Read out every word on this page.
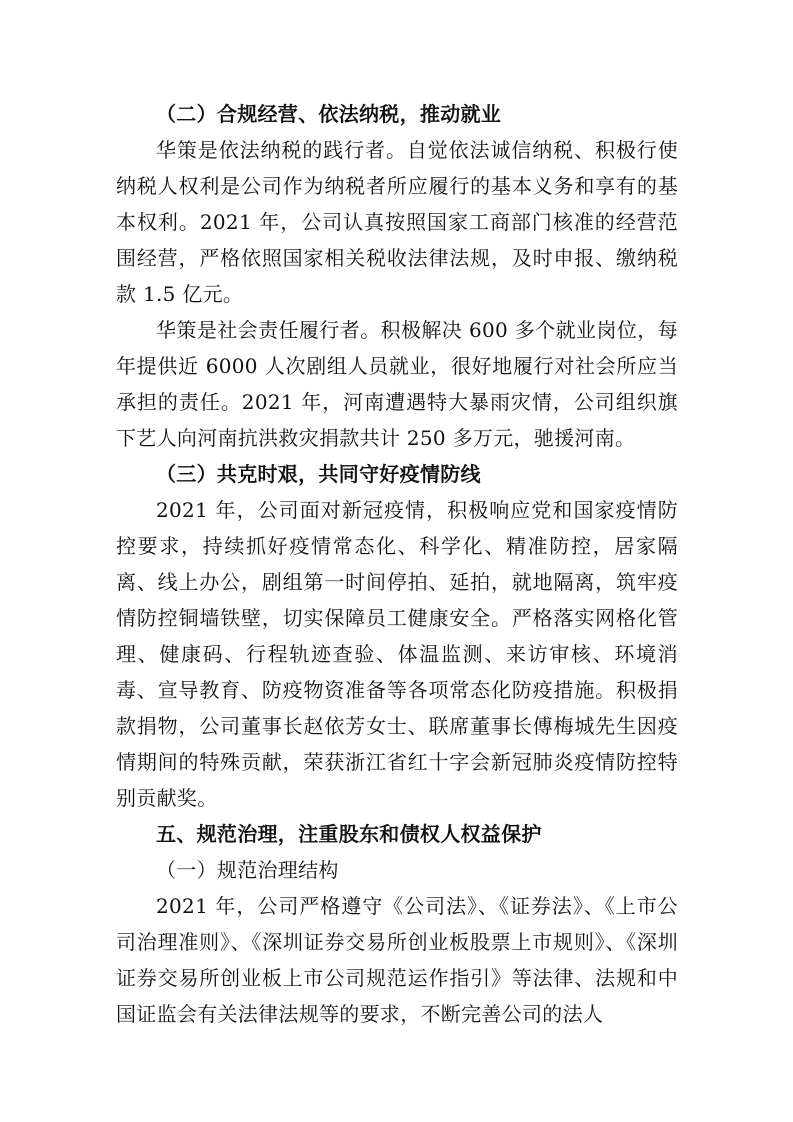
（二）合规经营、依法纳税，推动就业

华策是依法纳税的践行者。自觉依法诚信纳税、积极行使纳税人权利是公司作为纳税者所应履行的基本义务和享有的基本权利。2021 年，公司认真按照国家工商部门核准的经营范围经营，严格依照国家相关税收法律法规，及时申报、缴纳税款 1.5 亿元。

华策是社会责任履行者。积极解决 600 多个就业岗位，每年提供近 6000 人次剧组人员就业，很好地履行对社会所应当承担的责任。2021 年，河南遭遇特大暴雨灾情，公司组织旗下艺人向河南抗洪救灾捐款共计 250 多万元，驰援河南。

（三）共克时艰，共同守好疫情防线

2021 年，公司面对新冠疫情，积极响应党和国家疫情防控要求，持续抓好疫情常态化、科学化、精准防控，居家隔离、线上办公，剧组第一时间停拍、延拍，就地隔离，筑牢疫情防控铜墙铁壁，切实保障员工健康安全。严格落实网格化管理、健康码、行程轨迹查验、体温监测、来访审核、环境消毒、宣导教育、防疫物资准备等各项常态化防疫措施。积极捐款捐物，公司董事长赵依芳女士、联席董事长傅梅城先生因疫情期间的特殊贡献，荣获浙江省红十字会新冠肺炎疫情防控特别贡献奖。

五、规范治理，注重股东和债权人权益保护

（一）规范治理结构

2021 年，公司严格遵守《公司法》、《证券法》、《上市公司治理准则》、《深圳证券交易所创业板股票上市规则》、《深圳证券交易所创业板上市公司规范运作指引》等法律、法规和中国证监会有关法律法规等的要求，不断完善公司的法人
